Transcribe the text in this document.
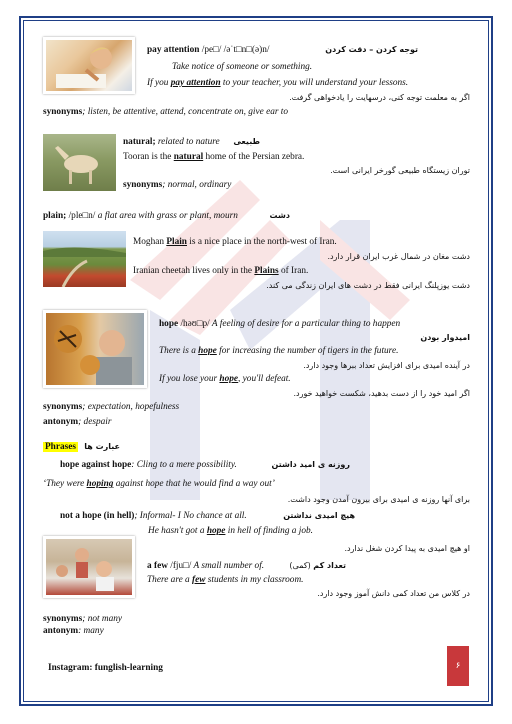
pay attention /pe□/ /əˈt□n□(ə)n/	توجه کردن – دقت کردن
Take notice of someone or something.
If you pay attention to your teacher, you will understand your lessons.
اگر به معلمت توجه کنی، درسهایت را یادخواهی گرفت.
synonyms; listen, be attentive, attend, concentrate on, give ear to
natural; related to nature	طبیعی
Tooran is the natural home of the Persian zebra.
توران زیستگاه طبیعی گورخر ایرانی است.
synonyms; normal, ordinary
plain; /ple□n/ a flat area with grass or plant, mourn	دشت
Moghan Plain is a nice place in the north-west of Iran.
دشت مغان در شمال غرب ایران قرار دارد.
Iranian cheetah lives only in the Plains of Iran.
دشت یوزپلنگ ایرانی فقط در دشت های ایران زندگی می کند.
hope /həʊ□p/ A feeling of desire for a particular thing to happen
امیدوار بودن
There is a hope for increasing the number of tigers in the future.
در آینده امیدی برای افزایش تعداد ببرها وجود دارد.
If you lose your hope, you'll defeat.
اگر امید خود را از دست بدهید، شکست خواهید خورد.
synonyms; expectation, hopefulness
antonym; despair
Phrases	عبارت ها
hope against hope: Cling to a mere possibility.	روزنه ی امید داشتن
‘They were hoping against hope that he would find a way out’
برای آنها روزنه ی امیدی برای بیرون آمدن وجود داشت.
not a hope (in hell); Informal- I No chance at all.	هیچ امیدی نداشتن
He hasn't got a hope in hell of finding a job.
او هیچ امیدی به پیدا کردن شغل ندارد.
a few /fju□/ A small number of.	تعداد کم (کمی)
There are a few students in my classroom.
در کلاس من تعداد کمی دانش آموز وجود دارد.
synonyms; not many
antonym: many
Instagram: funglish-learning	۶
